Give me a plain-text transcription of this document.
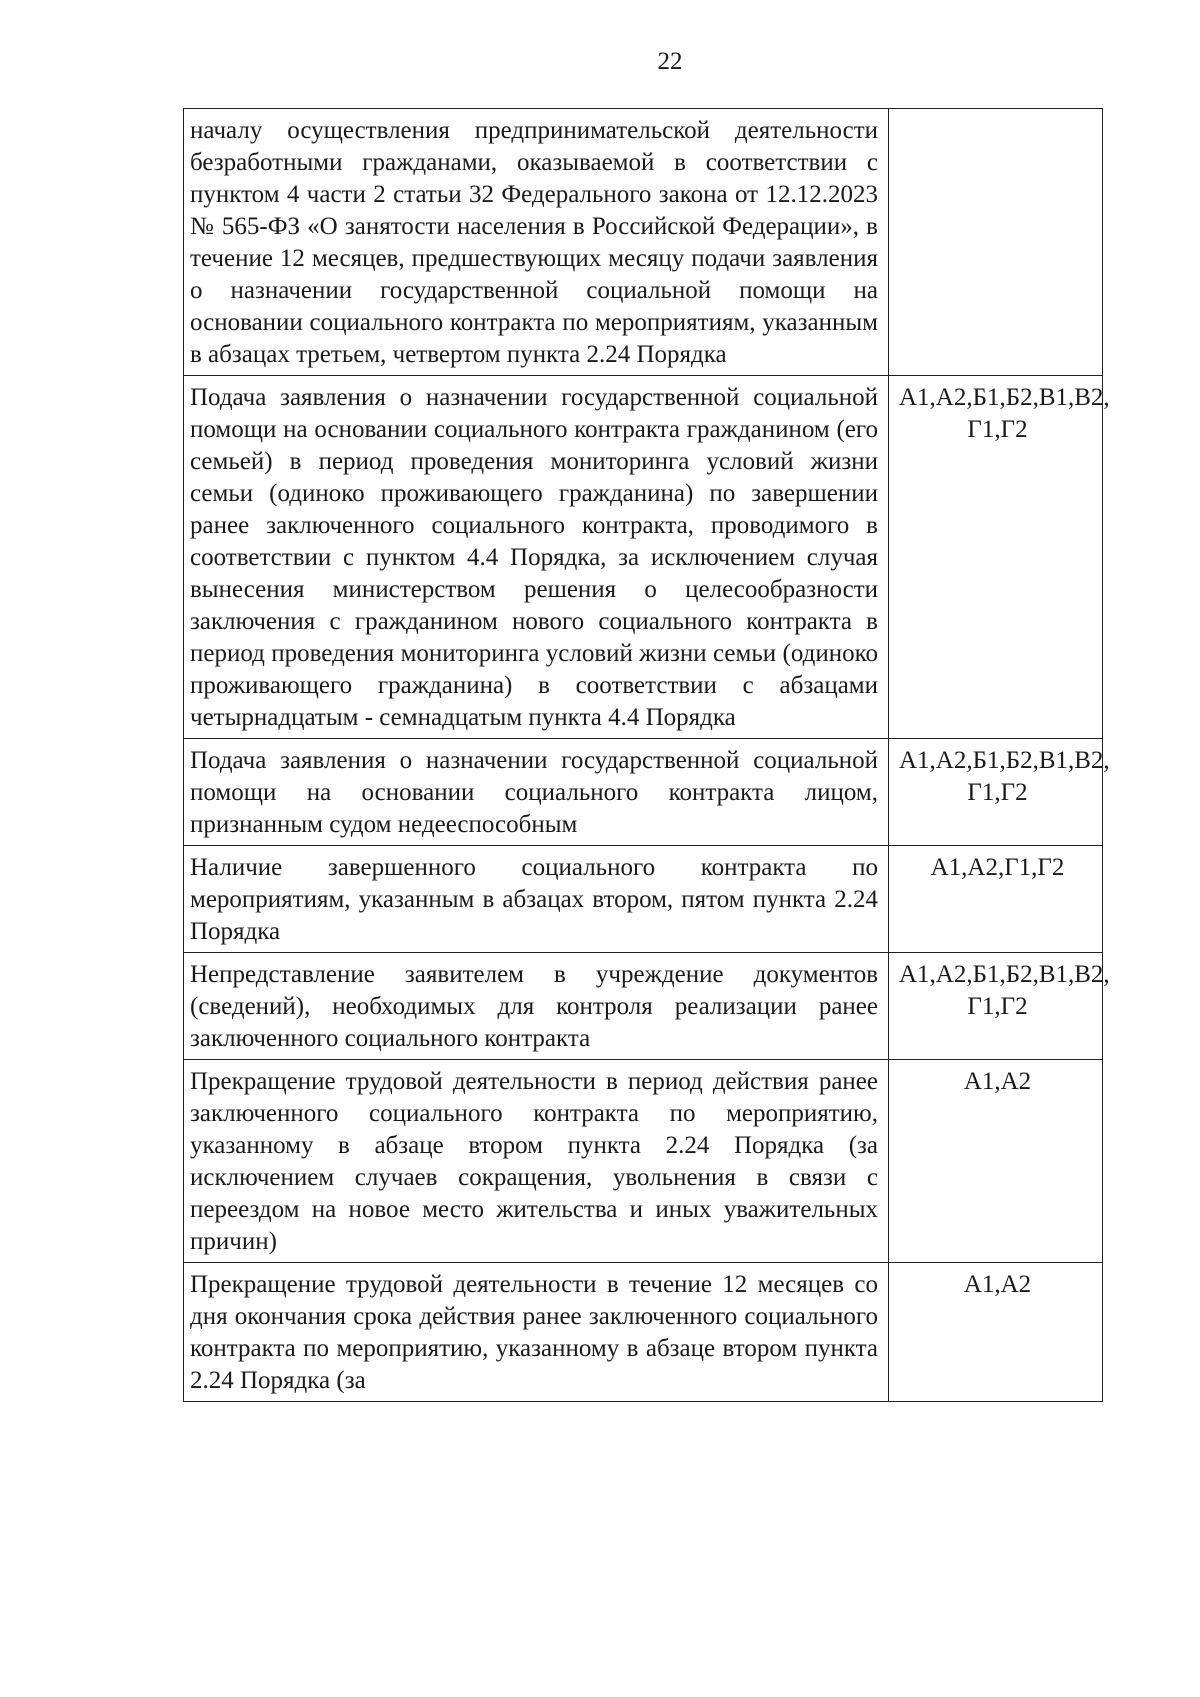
22
началу осуществления предпринимательской деятельности безработными гражданами, оказываемой в соответствии с пунктом 4 части 2 статьи 32 Федерального закона от 12.12.2023 № 565-ФЗ «О занятости населения в Российской Федерации», в течение 12 месяцев, предшествующих месяцу подачи заявления о назначении государственной социальной помощи на основании социального контракта по мероприятиям, указанным в абзацах третьем, четвертом пункта 2.24 Порядка	
Подача заявления о назначении государственной социальной помощи на основании социального контракта гражданином (его семьей) в период проведения мониторинга условий жизни семьи (одиноко проживающего гражданина) по завершении ранее заключенного социального контракта, проводимого в соответствии с пунктом 4.4 Порядка, за исключением случая вынесения министерством решения о целесообразности заключения с гражданином нового социального контракта в период проведения мониторинга условий жизни семьи (одиноко проживающего гражданина) в соответствии с абзацами четырнадцатым - семнадцатым пункта 4.4 Порядка	А1,А2,Б1,Б2,В1,В2, Г1,Г2
Подача заявления о назначении государственной социальной помощи на основании социального контракта лицом, признанным судом недееспособным	А1,А2,Б1,Б2,В1,В2, Г1,Г2
Наличие завершенного социального контракта по мероприятиям, указанным в абзацах втором, пятом пункта 2.24 Порядка	А1,А2,Г1,Г2
Непредставление заявителем в учреждение документов (сведений), необходимых для контроля реализации ранее заключенного социального контракта	А1,А2,Б1,Б2,В1,В2, Г1,Г2
Прекращение трудовой деятельности в период действия ранее заключенного социального контракта по мероприятию, указанному в абзаце втором пункта 2.24 Порядка (за исключением случаев сокращения, увольнения в связи с переездом на новое место жительства и иных уважительных причин)	А1,А2
Прекращение трудовой деятельности в течение 12 месяцев со дня окончания срока действия ранее заключенного социального контракта по мероприятию, указанному в абзаце втором пункта 2.24 Порядка (за	А1,А2
